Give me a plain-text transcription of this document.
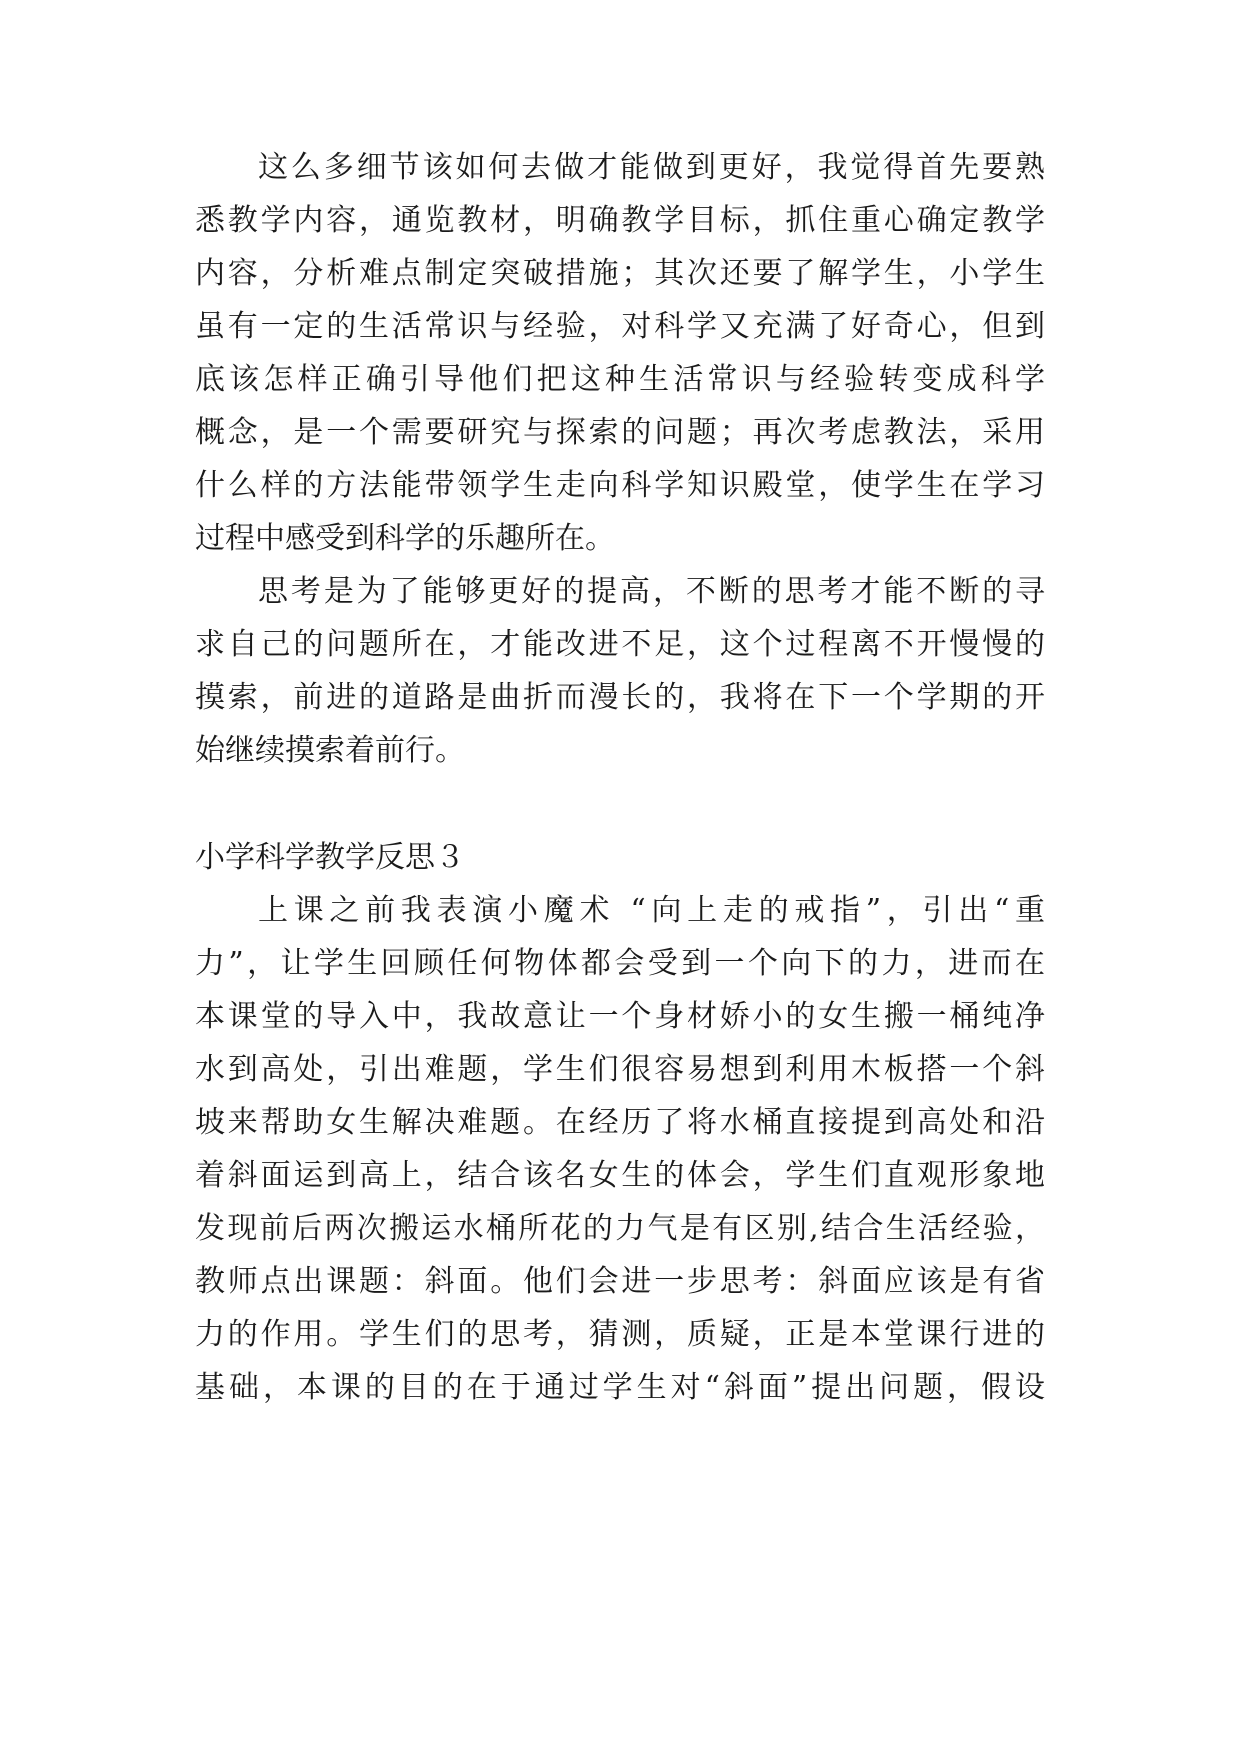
这么多细节该如何去做才能做到更好，我觉得首先要熟
悉教学内容，通览教材，明确教学目标，抓住重心确定教学
内容，分析难点制定突破措施；其次还要了解学生，小学生
虽有一定的生活常识与经验，对科学又充满了好奇心，但到
底该怎样正确引导他们把这种生活常识与经验转变成科学
概念，是一个需要研究与探索的问题；再次考虑教法，采用
什么样的方法能带领学生走向科学知识殿堂，使学生在学习
过程中感受到科学的乐趣所在。
思考是为了能够更好的提高，不断的思考才能不断的寻
求自己的问题所在，才能改进不足，这个过程离不开慢慢的
摸索，前进的道路是曲折而漫长的，我将在下一个学期的开
始继续摸索着前行。
小学科学教学反思３
上课之前我表演小魔术 “向上走的戒指”，引出“重
力”，让学生回顾任何物体都会受到一个向下的力，进而在
本课堂的导入中，我故意让一个身材娇小的女生搬一桶纯净
水到高处，引出难题，学生们很容易想到利用木板搭一个斜
坡来帮助女生解决难题。在经历了将水桶直接提到高处和沿
着斜面运到高上，结合该名女生的体会，学生们直观形象地
发现前后两次搬运水桶所花的力气是有区别,结合生活经验，
教师点出课题：斜面。他们会进一步思考：斜面应该是有省
力的作用。学生们的思考，猜测，质疑，正是本堂课行进的
基础，本课的目的在于通过学生对“斜面”提出问题，假设
